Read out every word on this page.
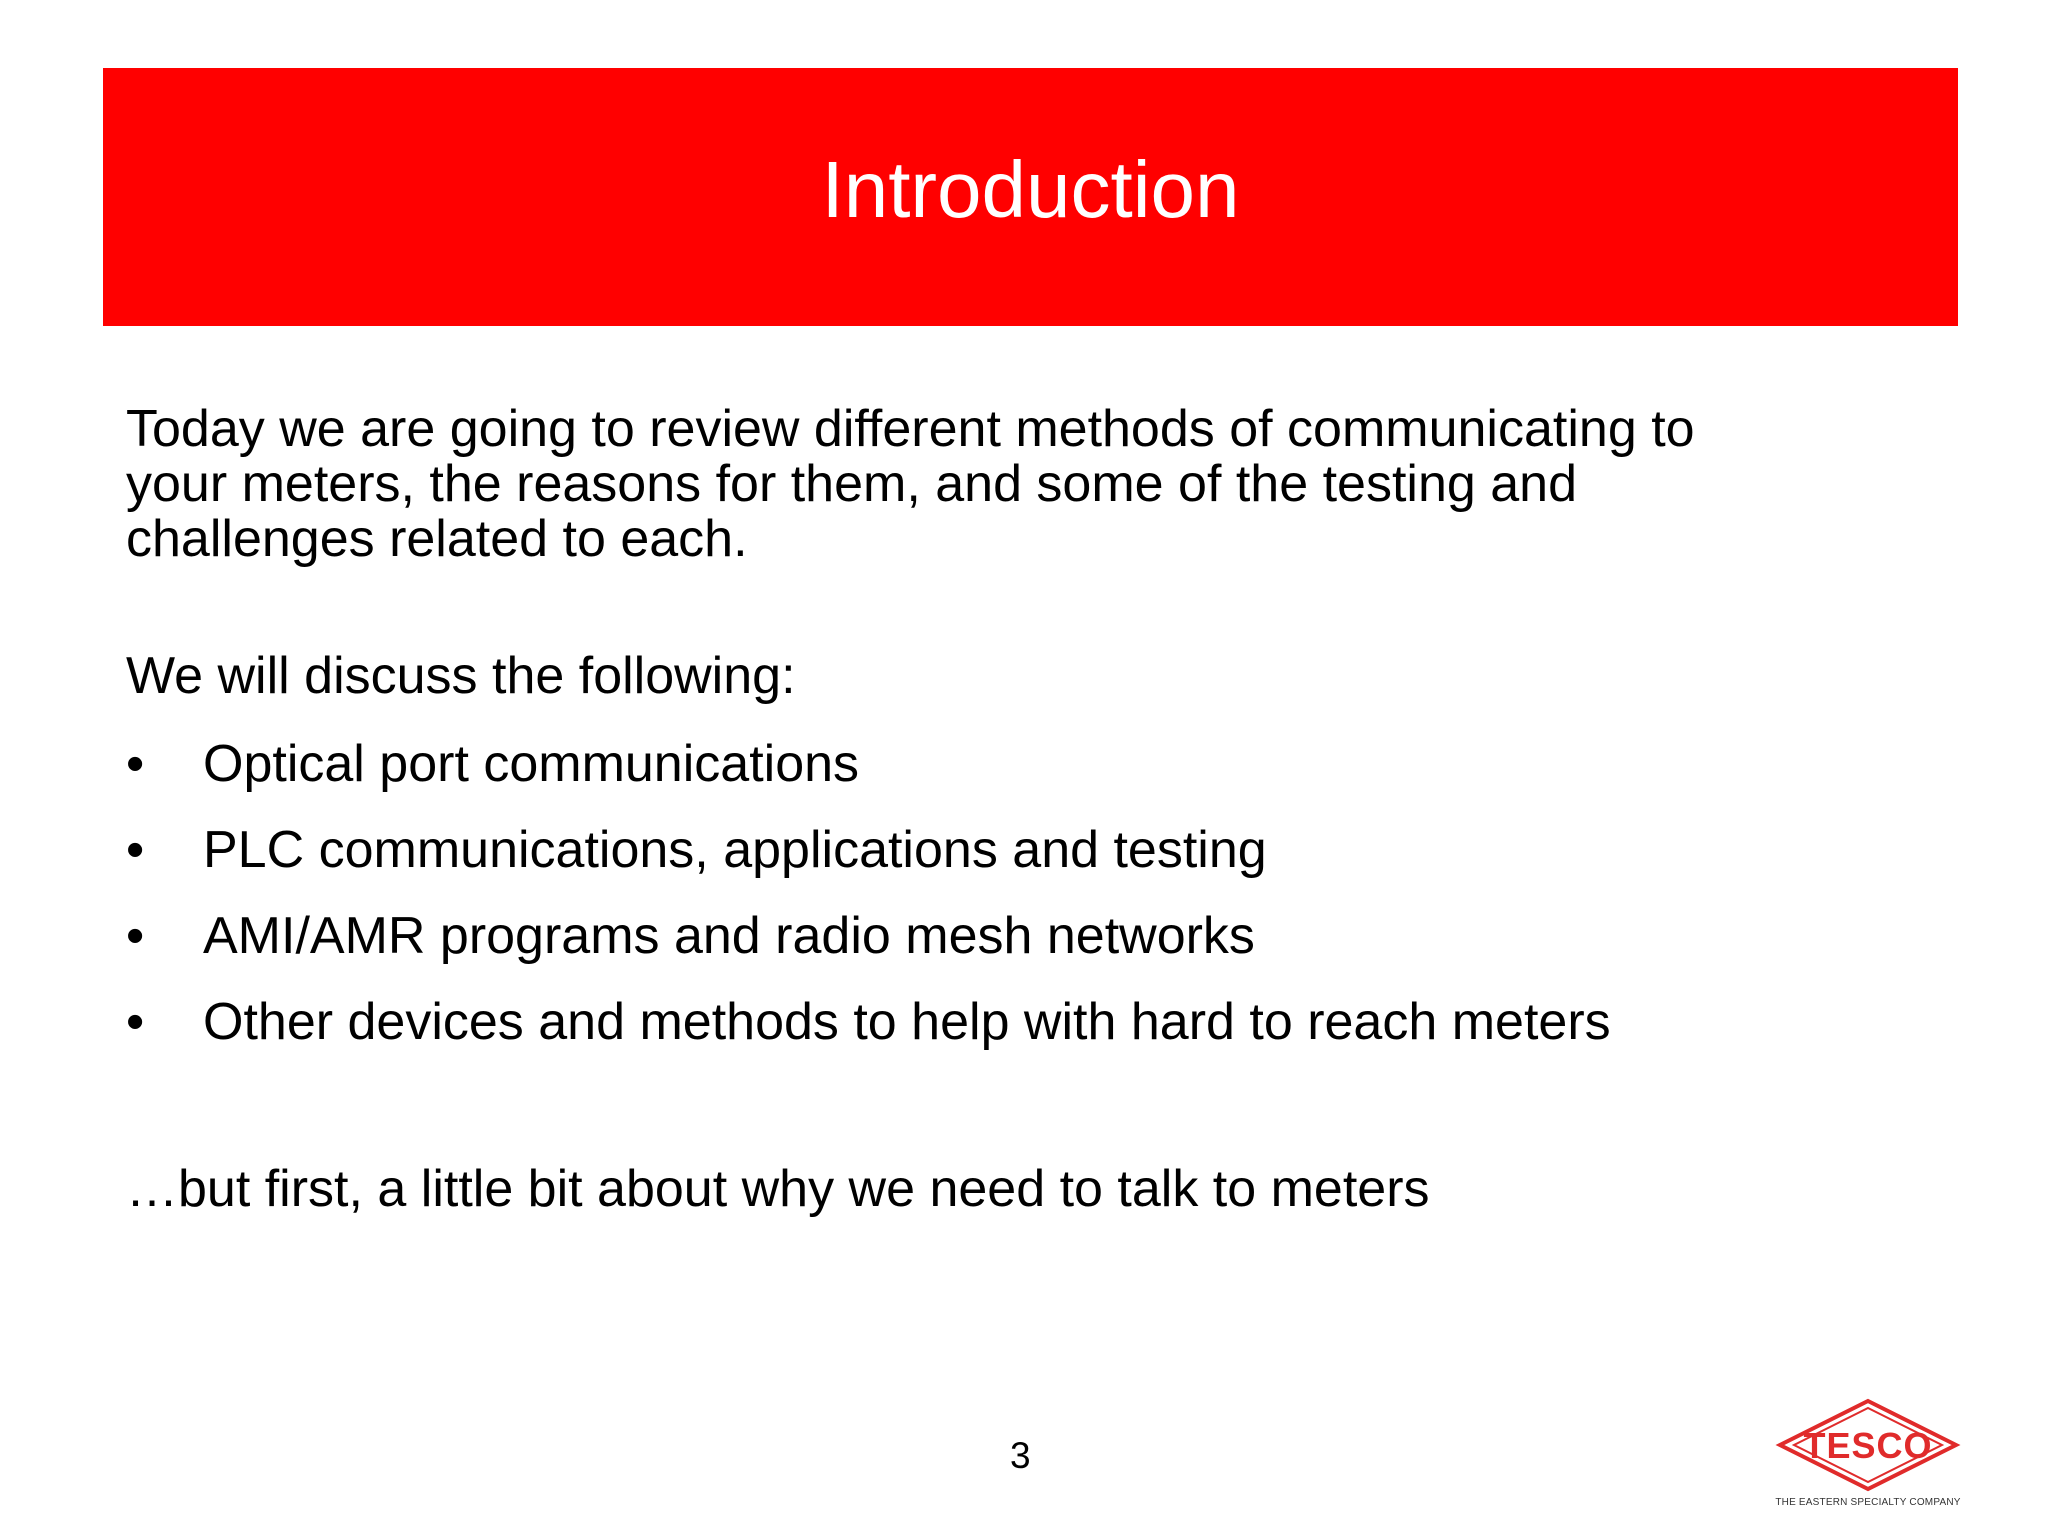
Introduction
Today we are going to review different methods of communicating to
your meters, the reasons for them, and some of the testing and
challenges related to each.
We will discuss the following:
•	Optical port communications
•	PLC communications, applications and testing
•	AMI/AMR programs and radio mesh networks
•	Other devices and methods to help with hard to reach meters
…but first, a little bit about why we need to talk to meters
3	TESCO
THE EASTERN SPECIALTY COMPANY
